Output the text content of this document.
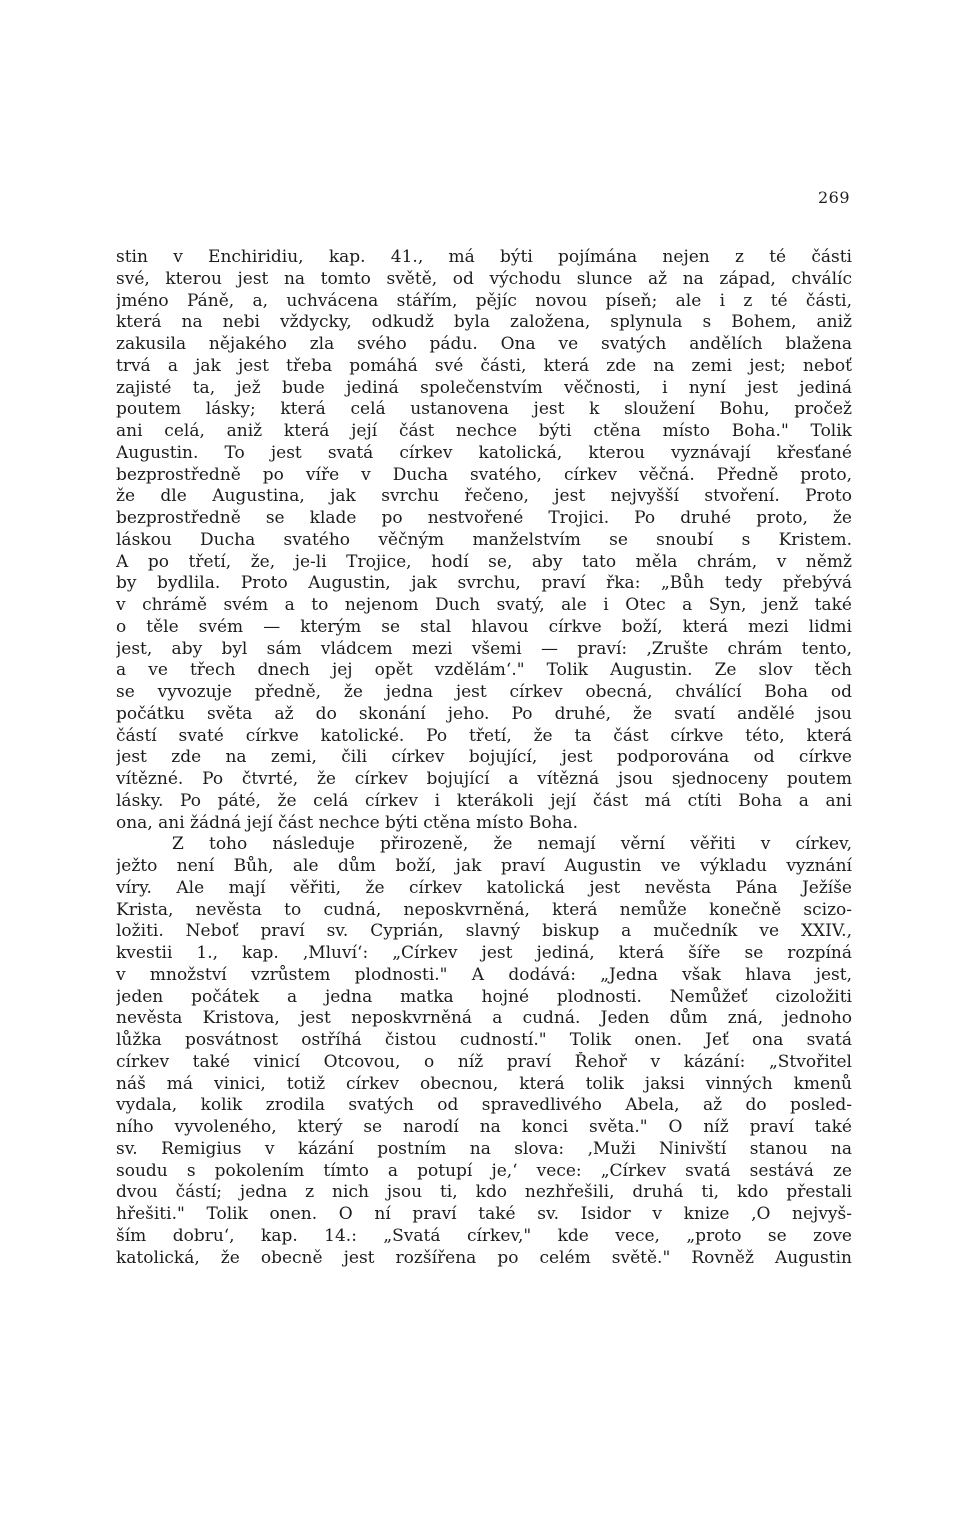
269
stin v Enchiridiu, kap. 41., má býti pojímána nejen z té části
své, kterou jest na tomto světě, od východu slunce až na západ, chválíc
jméno Páně, a, uchvácena stářím, pějíc novou píseň; ale i z té části,
která na nebi vždycky, odkudž byla založena, splynula s Bohem, aniž
zakusila nějakého zla svého pádu. Ona ve svatých andělích blažena
trvá a jak jest třeba pomáhá své části, která zde na zemi jest; neboť
zajisté ta, jež bude jediná společenstvím věčnosti, i nyní jest jediná
poutem lásky; která celá ustanovena jest k sloužení Bohu, pročež
ani celá, aniž která její část nechce býti ctěna místo Boha." Tolik
Augustin. To jest svatá církev katolická, kterou vyznávají křesťané
bezprostředně po víře v Ducha svatého, církev věčná. Předně proto,
že dle Augustina, jak svrchu řečeno, jest nejvyšší stvoření. Proto
bezprostředně se klade po nestvořené Trojici. Po druhé proto, že
láskou Ducha svatého věčným manželstvím se snoubí s Kristem.
A po třetí, že, je-li Trojice, hodí se, aby tato měla chrám, v němž
by bydlila. Proto Augustin, jak svrchu, praví řka: „Bůh tedy přebývá
v chrámě svém a to nejenom Duch svatý, ale i Otec a Syn, jenž také
o těle svém — kterým se stal hlavou církve boží, která mezi lidmi
jest, aby byl sám vládcem mezi všemi — praví: ‚Zrušte chrám tento,
a ve třech dnech jej opět vzdělám‘." Tolik Augustin. Ze slov těch
se vyvozuje předně, že jedna jest církev obecná, chválící Boha od
počátku světa až do skonání jeho. Po druhé, že svatí andělé jsou
částí svaté církve katolické. Po třetí, že ta část církve této, která
jest zde na zemi, čili církev bojující, jest podporována od církve
vítězné. Po čtvrté, že církev bojující a vítězná jsou sjednoceny poutem
lásky. Po páté, že celá církev i kterákoli její část má ctíti Boha a ani
ona, ani žádná její část nechce býti ctěna místo Boha.
Z toho následuje přirozeně, že nemají věrní věřiti v církev,
ježto není Bůh, ale dům boží, jak praví Augustin ve výkladu vyznání
víry. Ale mají věřiti, že církev katolická jest nevěsta Pána Ježíše
Krista, nevěsta to cudná, neposkvrněná, která nemůže konečně scizo-
ložiti. Neboť praví sv. Cyprián, slavný biskup a mučedník ve XXIV.,
kvestii 1., kap. ‚Mluví‘: „Církev jest jediná, která šíře se rozpíná
v množství vzrůstem plodnosti." A dodává: „Jedna však hlava jest,
jeden počátek a jedna matka hojné plodnosti. Nemůžeť cizoložiti
nevěsta Kristova, jest neposkvrněná a cudná. Jeden dům zná, jednoho
lůžka posvátnost ostříhá čistou cudností." Tolik onen. Jeť ona svatá
církev také vinicí Otcovou, o níž praví Řehoř v kázání: „Stvořitel
náš má vinici, totiž církev obecnou, která tolik jaksi vinných kmenů
vydala, kolik zrodila svatých od spravedlivého Abela, až do posled-
ního vyvoleného, který se narodí na konci světa." O níž praví také
sv. Remigius v kázání postním na slova: ‚Muži Ninivští stanou na
soudu s pokolením tímto a potupí je,‘ vece: „Církev svatá sestává ze
dvou částí; jedna z nich jsou ti, kdo nezhřešili, druhá ti, kdo přestali
hřešiti." Tolik onen. O ní praví také sv. Isidor v knize ‚O nejvyš-
ším dobru‘, kap. 14.: „Svatá církev," kde vece, „proto se zove
katolická, že obecně jest rozšířena po celém světě." Rovněž Augustin
